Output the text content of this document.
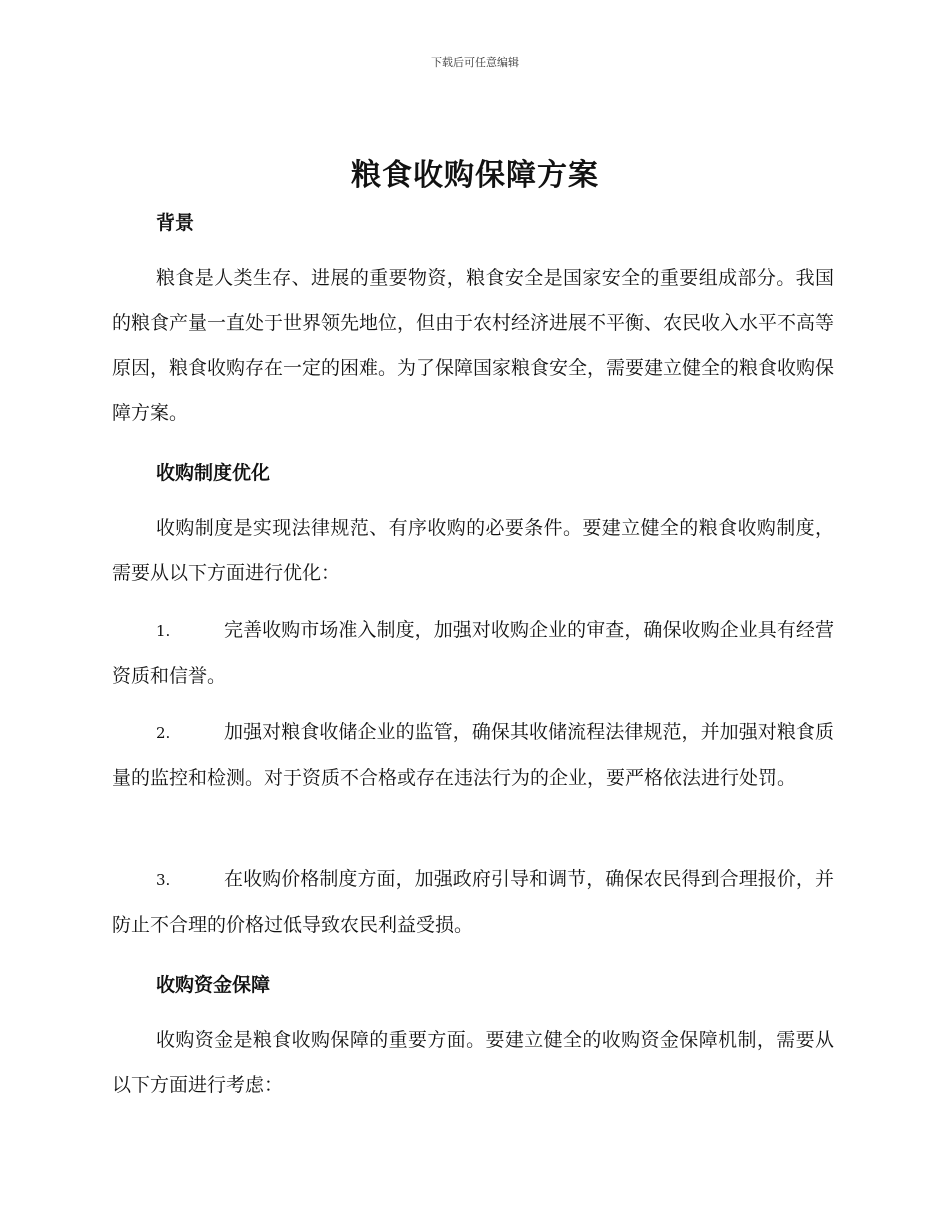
下载后可任意编辑
粮食收购保障方案
背景

粮食是人类生存、进展的重要物资，粮食安全是国家安全的重要组成部分。我国的粮食产量一直处于世界领先地位，但由于农村经济进展不平衡、农民收入水平不高等原因，粮食收购存在一定的困难。为了保障国家粮食安全，需要建立健全的粮食收购保障方案。

收购制度优化

收购制度是实现法律规范、有序收购的必要条件。要建立健全的粮食收购制度，需要从以下方面进行优化：

1.	完善收购市场准入制度，加强对收购企业的审查，确保收购企业具有经营资质和信誉。

2.	加强对粮食收储企业的监管，确保其收储流程法律规范，并加强对粮食质量的监控和检测。对于资质不合格或存在违法行为的企业，要严格依法进行处罚。

3.	在收购价格制度方面，加强政府引导和调节，确保农民得到合理报价，并防止不合理的价格过低导致农民利益受损。

收购资金保障

收购资金是粮食收购保障的重要方面。要建立健全的收购资金保障机制，需要从以下方面进行考虑：
